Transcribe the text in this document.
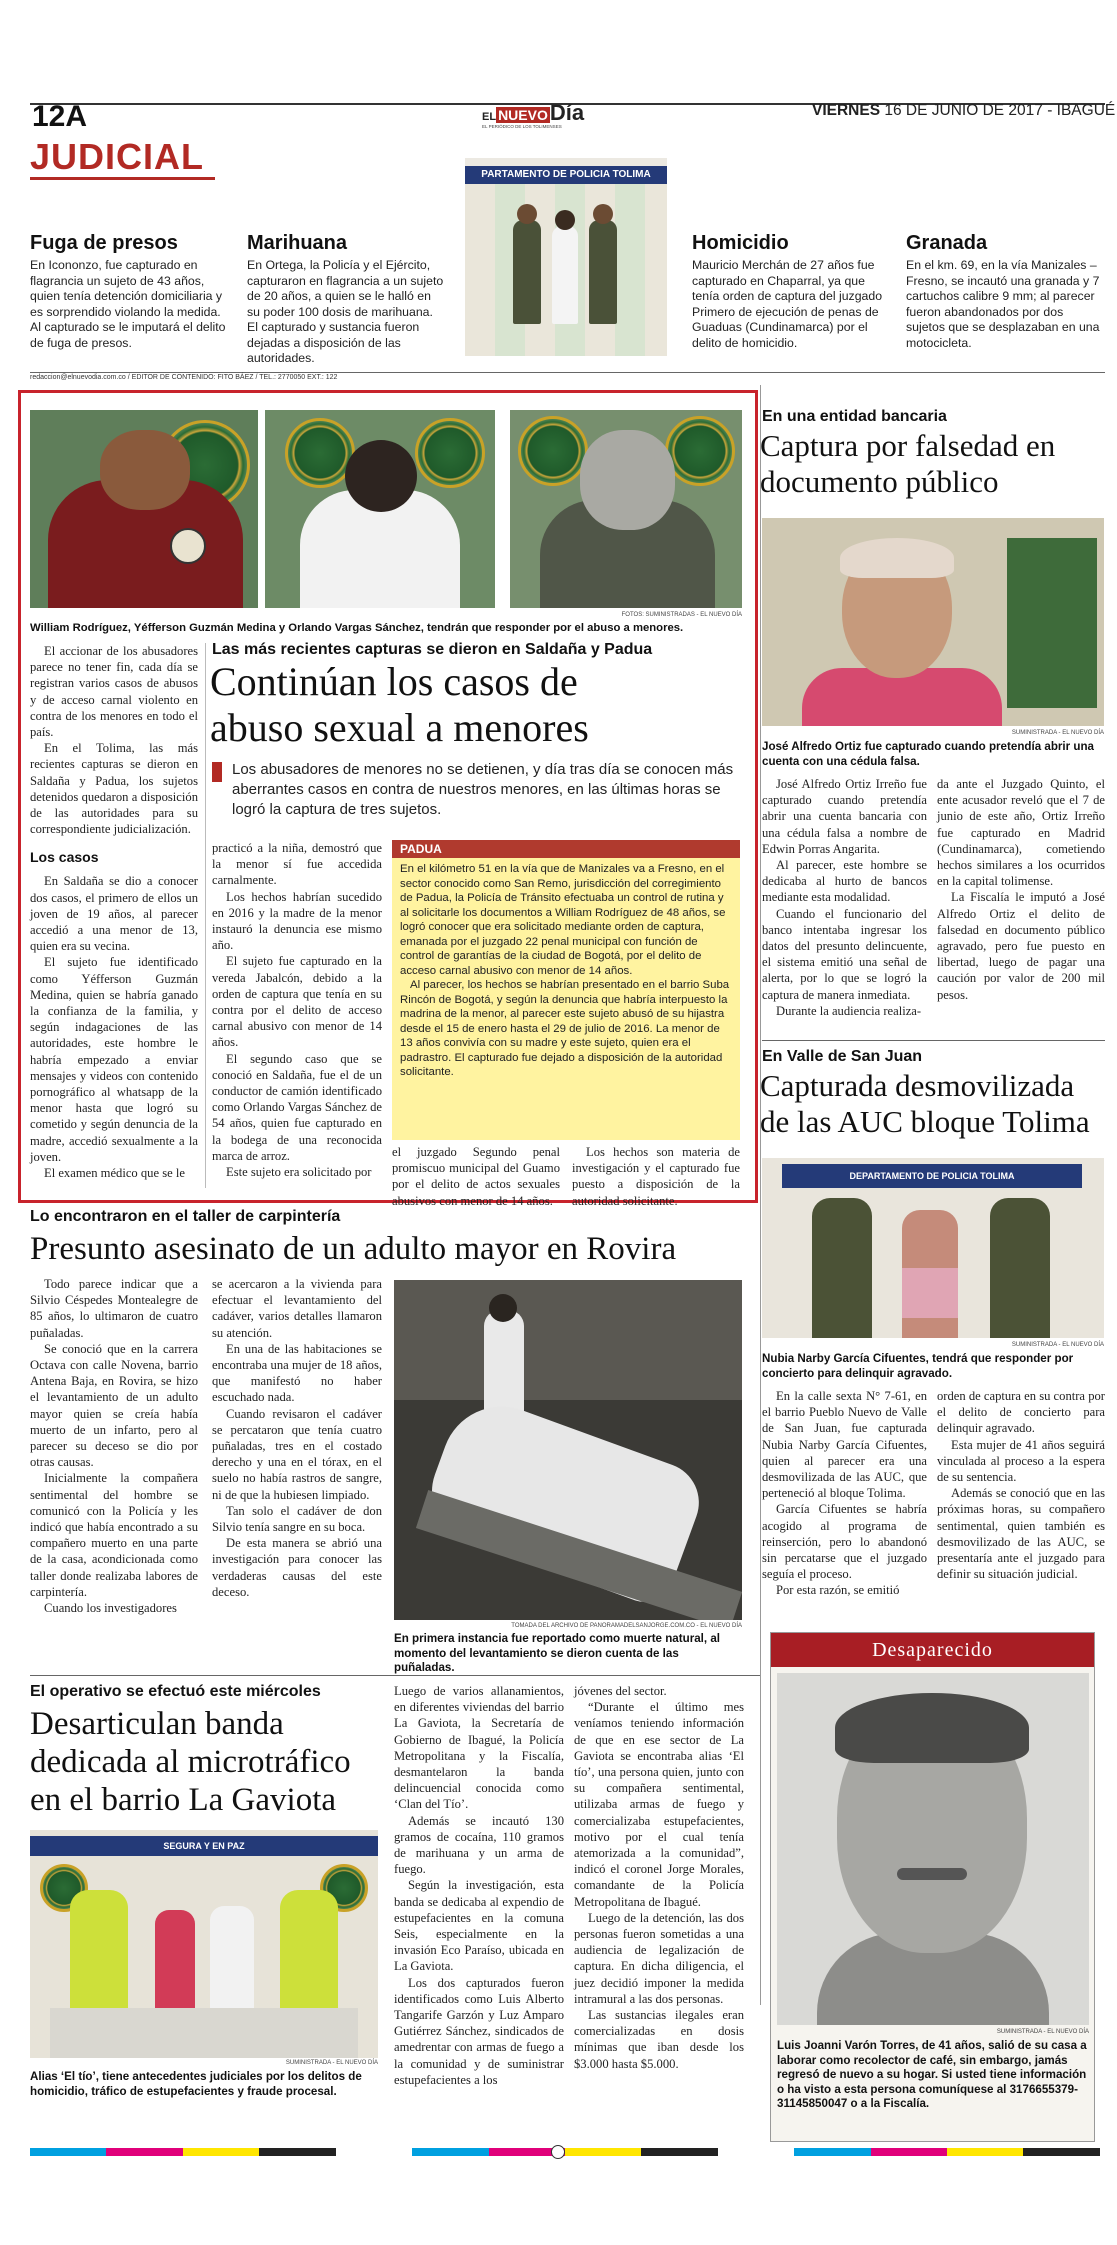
12A	EL NUEVODía
EL PERIÓDICO DE LOS TOLIMENSES
VIERNES 16 DE JUNIO DE 2017 - IBAGUÉ
JUDICIAL	PARTAMENTO DE POLICIA TOLIMA
Fuga de presos

En Icononzo, fue capturado en flagrancia un sujeto de 43 años, quien tenía detención domiciliaria y es sorprendido violando la medida. Al capturado se le imputará el delito de fuga de presos.

Marihuana

En Ortega, la Policía y el Ejército, capturaron en flagrancia a un sujeto de 20 años, a quien se le halló en su poder 100 dosis de marihuana. El capturado y sustancia fueron dejadas a disposición de las autoridades.

Homicidio

Mauricio Merchán de 27 años fue capturado en Chaparral, ya que tenía orden de captura del juzgado Primero de ejecución de penas de Guaduas (Cundinamarca) por el delito de homicidio.

Granada

En el km. 69, en la vía Manizales – Fresno, se incautó una granada y 7 cartuchos calibre 9 mm; al parecer fueron abandonados por dos sujetos que se desplazaban en una motocicleta.

redaccion@elnuevodia.com.co / EDITOR DE CONTENIDO: FITO BÁEZ / TEL.: 2770050 EXT.: 122
FOTOS: SUMINISTRADAS - EL NUEVO DÍA
William Rodríguez, Yéfferson Guzmán Medina y Orlando Vargas Sánchez, tendrán que responder por el abuso a menores.

El accionar de los abusadores parece no tener fin, cada día se registran varios casos de abusos y de acceso carnal violento en contra de los menores en todo el país.

En el Tolima, las más recientes capturas se dieron en Saldaña y Padua, los sujetos detenidos quedaron a disposición de las autoridades para su correspondiente judicialización.

Los casos

En Saldaña se dio a conocer dos casos, el primero de ellos un joven de 19 años, al parecer accedió a una menor de 13, quien era su vecina.

El sujeto fue identificado como Yéfferson Guzmán Medina, quien se habría ganado la confianza de la familia, y según indagaciones de las autoridades, este hombre le habría empezado a enviar mensajes y videos con contenido pornográfico al whatsapp de la menor hasta que logró su cometido y según denuncia de la madre, accedió sexualmente a la joven.

El examen médico que se le

Las más recientes capturas se dieron en Saldaña y Padua
Continúan los casos de
abuso sexual a menores
Los abusadores de menores no se detienen, y día tras día se conocen más aberrantes casos en contra de nuestros menores, en las últimas horas se logró la captura de tres sujetos.

practicó a la niña, demostró que la menor sí fue accedida carnalmente.

Los hechos habrían sucedido en 2016 y la madre de la menor instauró la denuncia ese mismo año.

El sujeto fue capturado en la vereda Jabalcón, debido a la orden de captura que tenía en su contra por el delito de acceso carnal abusivo con menor de 14 años.

El segundo caso que se conoció en Saldaña, fue el de un conductor de camión identificado como Orlando Vargas Sánchez de 54 años, quien fue capturado en la bodega de una reconocida marca de arroz.

Este sujeto era solicitado por

PADUA

En el kilómetro 51 en la vía que de Manizales va a Fresno, en el sector conocido como San Remo, jurisdicción del corregimiento de Padua, la Policía de Tránsito efectuaba un control de rutina y al solicitarle los documentos a William Rodríguez de 48 años, se logró conocer que era solicitado mediante orden de captura, emanada por el juzgado 22 penal municipal con función de control de garantías de la ciudad de Bogotá, por el delito de acceso carnal abusivo con menor de 14 años.

Al parecer, los hechos se habrían presentado en el barrio Suba Rincón de Bogotá, y según la denuncia que habría interpuesto la madrina de la menor, al parecer este sujeto abusó de su hijastra desde el 15 de enero hasta el 29 de julio de 2016. La menor de 13 años convivía con su madre y este sujeto, quien era el padrastro. El capturado fue dejado a disposición de la autoridad solicitante.

el juzgado Segundo penal promiscuo municipal del Guamo por el delito de actos sexuales abusivos con menor de 14 años.

Los hechos son materia de investigación y el capturado fue puesto a disposición de la autoridad solicitante.

En una entidad bancaria
Captura por falsedad en documento público
SUMINISTRADA - EL NUEVO DÍA
José Alfredo Ortiz fue capturado cuando pretendía abrir una cuenta con una cédula falsa.

José Alfredo Ortiz Irreño fue capturado cuando pretendía abrir una cuenta bancaria con una cédula falsa a nombre de Edwin Porras Angarita.

Al parecer, este hombre se dedicaba al hurto de bancos mediante esta modalidad.

Cuando el funcionario del banco intentaba ingresar los datos del presunto delincuente, el sistema emitió una señal de alerta, por lo que se logró la captura de manera inmediata.

Durante la audiencia realiza-

da ante el Juzgado Quinto, el ente acusador reveló que el 7 de junio de este año, Ortiz Irreño fue capturado en Madrid (Cundinamarca), cometiendo hechos similares a los ocurridos en la capital tolimense.

La Fiscalía le imputó a José Alfredo Ortiz el delito de falsedad en documento público agravado, pero fue puesto en libertad, luego de pagar una caución por valor de 200 mil pesos.

En Valle de San Juan
Capturada desmovilizada de las AUC bloque Tolima
DEPARTAMENTO DE POLICIA TOLIMA
SUMINISTRADA - EL NUEVO DÍA
Nubia Narby García Cifuentes, tendrá que responder por concierto para delinquir agravado.

En la calle sexta N° 7-61, en el barrio Pueblo Nuevo de Valle de San Juan, fue capturada Nubia Narby García Cifuentes, quien al parecer era una desmovilizada de las AUC, que perteneció al bloque Tolima.

García Cifuentes se habría acogido al programa de reinserción, pero lo abandonó sin percatarse que el juzgado seguía el proceso.

Por esta razón, se emitió

orden de captura en su contra por el delito de concierto para delinquir agravado.

Esta mujer de 41 años seguirá vinculada al proceso a la espera de su sentencia.

Además se conoció que en las próximas horas, su compañero sentimental, quien también es desmovilizado de las AUC, se presentaría ante el juzgado para definir su situación judicial.

Lo encontraron en el taller de carpintería
Presunto asesinato de un adulto mayor en Rovira

Todo parece indicar que a Silvio Céspedes Montealegre de 85 años, lo ultimaron de cuatro puñaladas.

Se conoció que en la carrera Octava con calle Novena, barrio Antena Baja, en Rovira, se hizo el levantamiento de un adulto mayor quien se creía había muerto de un infarto, pero al parecer su deceso se dio por otras causas.

Inicialmente la compañera sentimental del hombre se comunicó con la Policía y les indicó que había encontrado a su compañero muerto en una parte de la casa, acondicionada como taller donde realizaba labores de carpintería.

Cuando los investigadores

se acercaron a la vivienda para efectuar el levantamiento del cadáver, varios detalles llamaron su atención.

En una de las habitaciones se encontraba una mujer de 18 años, que manifestó no haber escuchado nada.

Cuando revisaron el cadáver se percataron que tenía cuatro puñaladas, tres en el costado derecho y una en el tórax, en el suelo no había rastros de sangre, ni de que la hubiesen limpiado.

Tan solo el cadáver de don Silvio tenía sangre en su boca.

De esta manera se abrió una investigación para conocer las verdaderas causas del este deceso.

TOMADA DEL ARCHIVO DE PANORAMADELSANJORGE.COM.CO - EL NUEVO DÍA
En primera instancia fue reportado como muerte natural, al momento del levantamiento se dieron cuenta de las puñaladas.
El operativo se efectuó este miércoles
Desarticulan banda dedicada al microtráfico en el barrio La Gaviota
SEGURA Y EN PAZ
SUMINISTRADA - EL NUEVO DÍA
Alias ‘El tío’, tiene antecedentes judiciales por los delitos de homicidio, tráfico de estupefacientes y fraude procesal.

Luego de varios allanamientos, en diferentes viviendas del barrio La Gaviota, la Secretaría de Gobierno de Ibagué, la Policía Metropolitana y la Fiscalía, desmantelaron la banda delincuencial conocida como ‘Clan del Tío’.

Además se incautó 130 gramos de cocaína, 110 gramos de marihuana y un arma de fuego.

Según la investigación, esta banda se dedicaba al expendio de estupefacientes en la comuna Seis, especialmente en la invasión Eco Paraíso, ubicada en La Gaviota.

Los dos capturados fueron identificados como Luis Alberto Tangarife Garzón y Luz Amparo Gutiérrez Sánchez, sindicados de amedrentar con armas de fuego a la comunidad y de suministrar estupefacientes a los

jóvenes del sector.

“Durante el último mes veníamos teniendo información de que en ese sector de La Gaviota se encontraba alias ‘El tío’, una persona quien, junto con su compañera sentimental, utilizaba armas de fuego y comercializaba estupefacientes, motivo por el cual tenía atemorizada a la comunidad”, indicó el coronel Jorge Morales, comandante de la Policía Metropolitana de Ibagué.

Luego de la detención, las dos personas fueron sometidas a una audiencia de legalización de captura. En dicha diligencia, el juez decidió imponer la medida intramural a las dos personas.

Las sustancias ilegales eran comercializadas en dosis mínimas que iban desde los $3.000 hasta $5.000.

Desaparecido
SUMINISTRADA - EL NUEVO DÍA
Luis Joanni Varón Torres, de 41 años, salió de su casa a laborar como recolector de café, sin embargo, jamás regresó de nuevo a su hogar. Si usted tiene información o ha visto a esta persona comuníquese al 3176655379-31145850047 o a la Fiscalía.
